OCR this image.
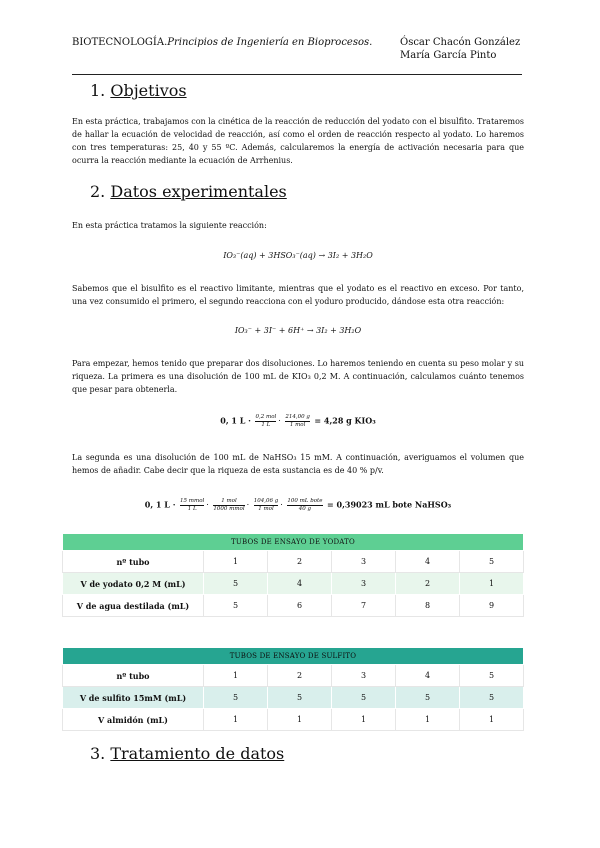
BIOTECNOLOGÍA.Principios de Ingeniería en Bioprocesos.	Óscar Chacón González
María García Pinto
1. Objetivos

En esta práctica, trabajamos con la cinética de la reacción de reducción del yodato con el bisulfito. Trataremos de hallar la ecuación de velocidad de reacción, así como el orden de reacción respecto al yodato. Lo haremos con tres temperaturas: 25, 40 y 55 ºC. Además, calcularemos la energía de activación necesaria para que ocurra la reacción mediante la ecuación de Arrhenius.

2. Datos experimentales

En esta práctica tratamos la siguiente reacción:

IO₃⁻(aq) + 3HSO₃⁻(aq) → 3I₂ + 3H₂O

Sabemos que el bisulfito es el reactivo limitante, mientras que el yodato es el reactivo en exceso. Por tanto, una vez consumido el primero, el segundo reacciona con el yoduro producido, dándose esta otra reacción:

IO₃⁻ + 3I⁻ + 6H⁺ → 3I₂ + 3H₂O

Para empezar, hemos tenido que preparar dos disoluciones. Lo haremos teniendo en cuenta su peso molar y su riqueza. La primera es una disolución de 100 mL de KIO₃ 0,2 M. A continuación, calculamos cuánto tenemos que pesar para obtenerla.

0, 1 $L \cdot \frac{\text{0,2 mol}}{1 L} \cdot \frac{214,00 g}{\text{1 mol}} = 4,28$ g KIO₃

La segunda es una disolución de 100 mL de NaHSO₃ 15 mM. A continuación, averiguamos el volumen que hemos de añadir. Cabe decir que la riqueza de esta sustancia es de 40 % p/v.

0, 1 $L \cdot \frac{\text{15 mmol}}{1 L} \cdot \frac{\text{1 mol}}{\text{1000 mmol}} \cdot \frac{104,06 g}{\text{1 mol}} \cdot \frac{\text{100 mL bote}}{40 g} = 0,39023$ mL bote NaHSO₃
TUBOS DE ENSAYO DE YODATO					
nº tubo	1	2	3	4	5
V de yodato 0,2 M (mL)	5	4	3	2	1
V de agua destilada (mL)	5	6	7	8	9
TUBOS DE ENSAYO DE SULFITO					
nº tubo	1	2	3	4	5
V de sulfito 15mM (mL)	5	5	5	5	5
V almidón (mL)	1	1	1	1	1
3. Tratamiento de datos
